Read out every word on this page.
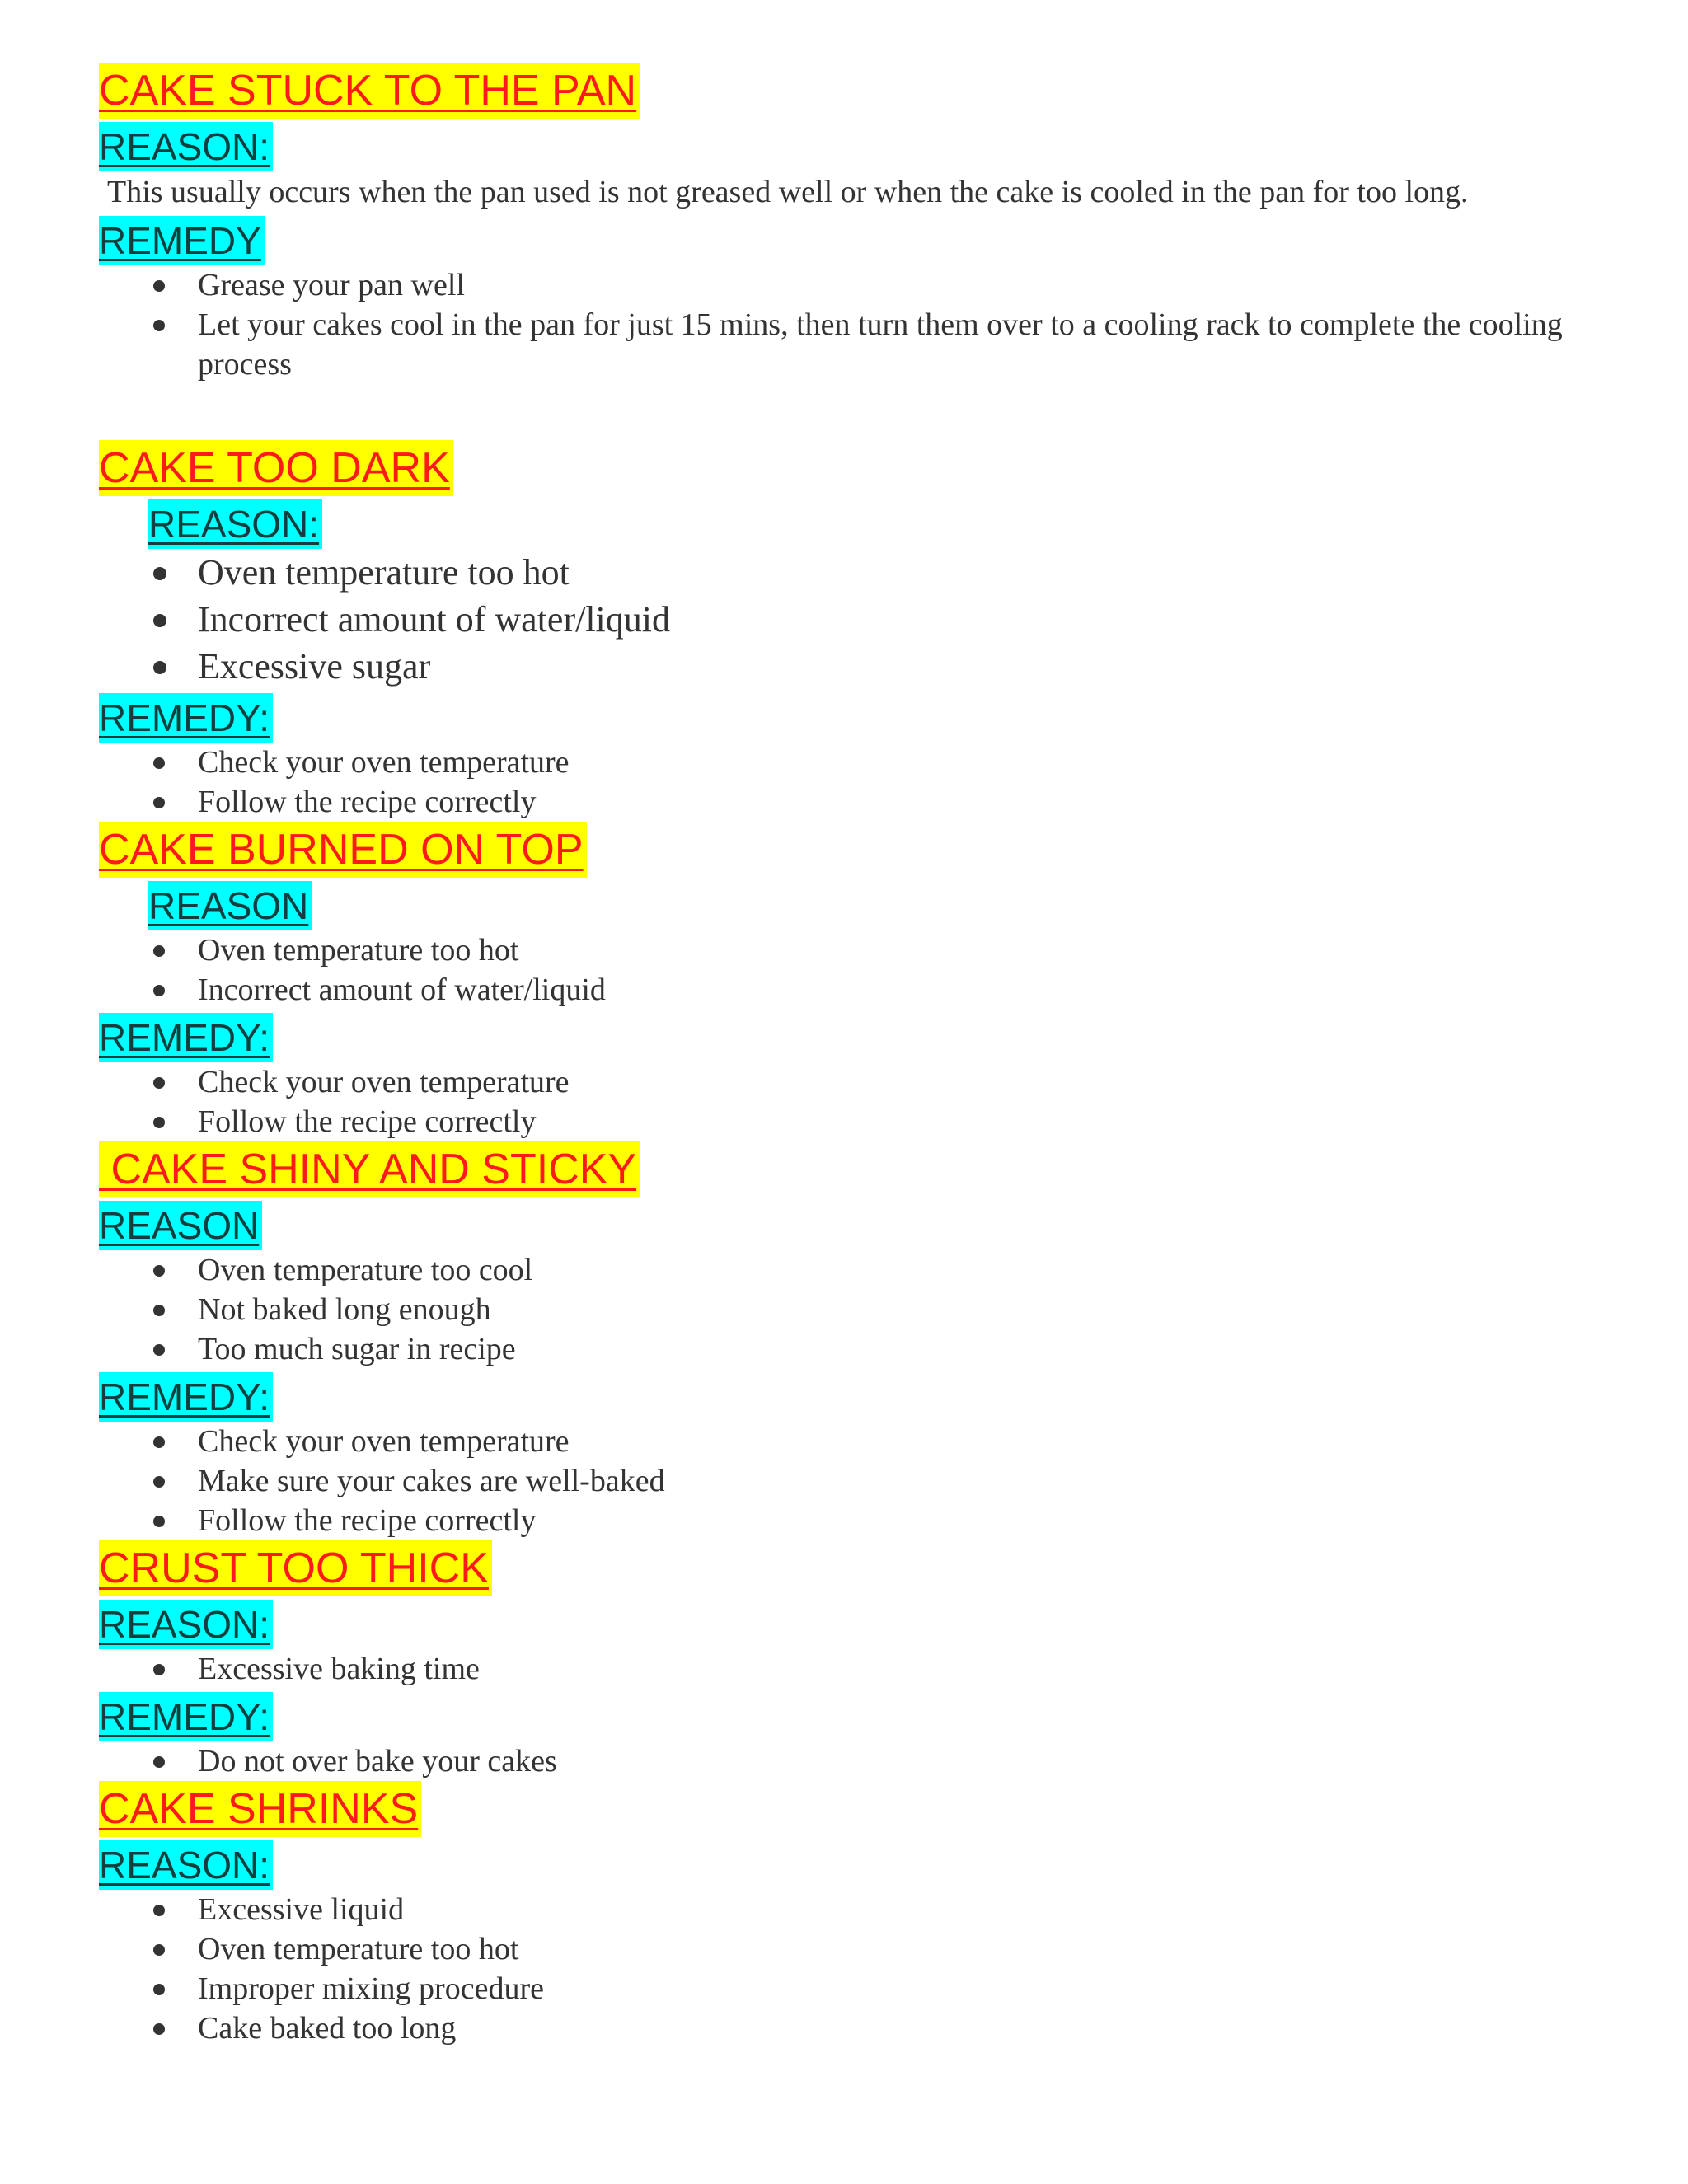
CAKE STUCK TO THE PAN
REASON:

This usually occurs when the pan used is not greased well or when the cake is cooled in the pan for too long.

REMEDY
Grease your pan well
Let your cakes cool in the pan for just 15 mins, then turn them over to a cooling rack to complete the cooling process
CAKE TOO DARK
REASON:
Oven temperature too hot
Incorrect amount of water/liquid
Excessive sugar
REMEDY:
Check your oven temperature
Follow the recipe correctly
CAKE BURNED ON TOP
REASON
Oven temperature too hot
Incorrect amount of water/liquid
REMEDY:
Check your oven temperature
Follow the recipe correctly
CAKE SHINY AND STICKY
REASON
Oven temperature too cool
Not baked long enough
Too much sugar in recipe
REMEDY:
Check your oven temperature
Make sure your cakes are well-baked
Follow the recipe correctly
CRUST TOO THICK
REASON:
Excessive baking time
REMEDY:
Do not over bake your cakes
CAKE SHRINKS
REASON:
Excessive liquid
Oven temperature too hot
Improper mixing procedure
Cake baked too long
